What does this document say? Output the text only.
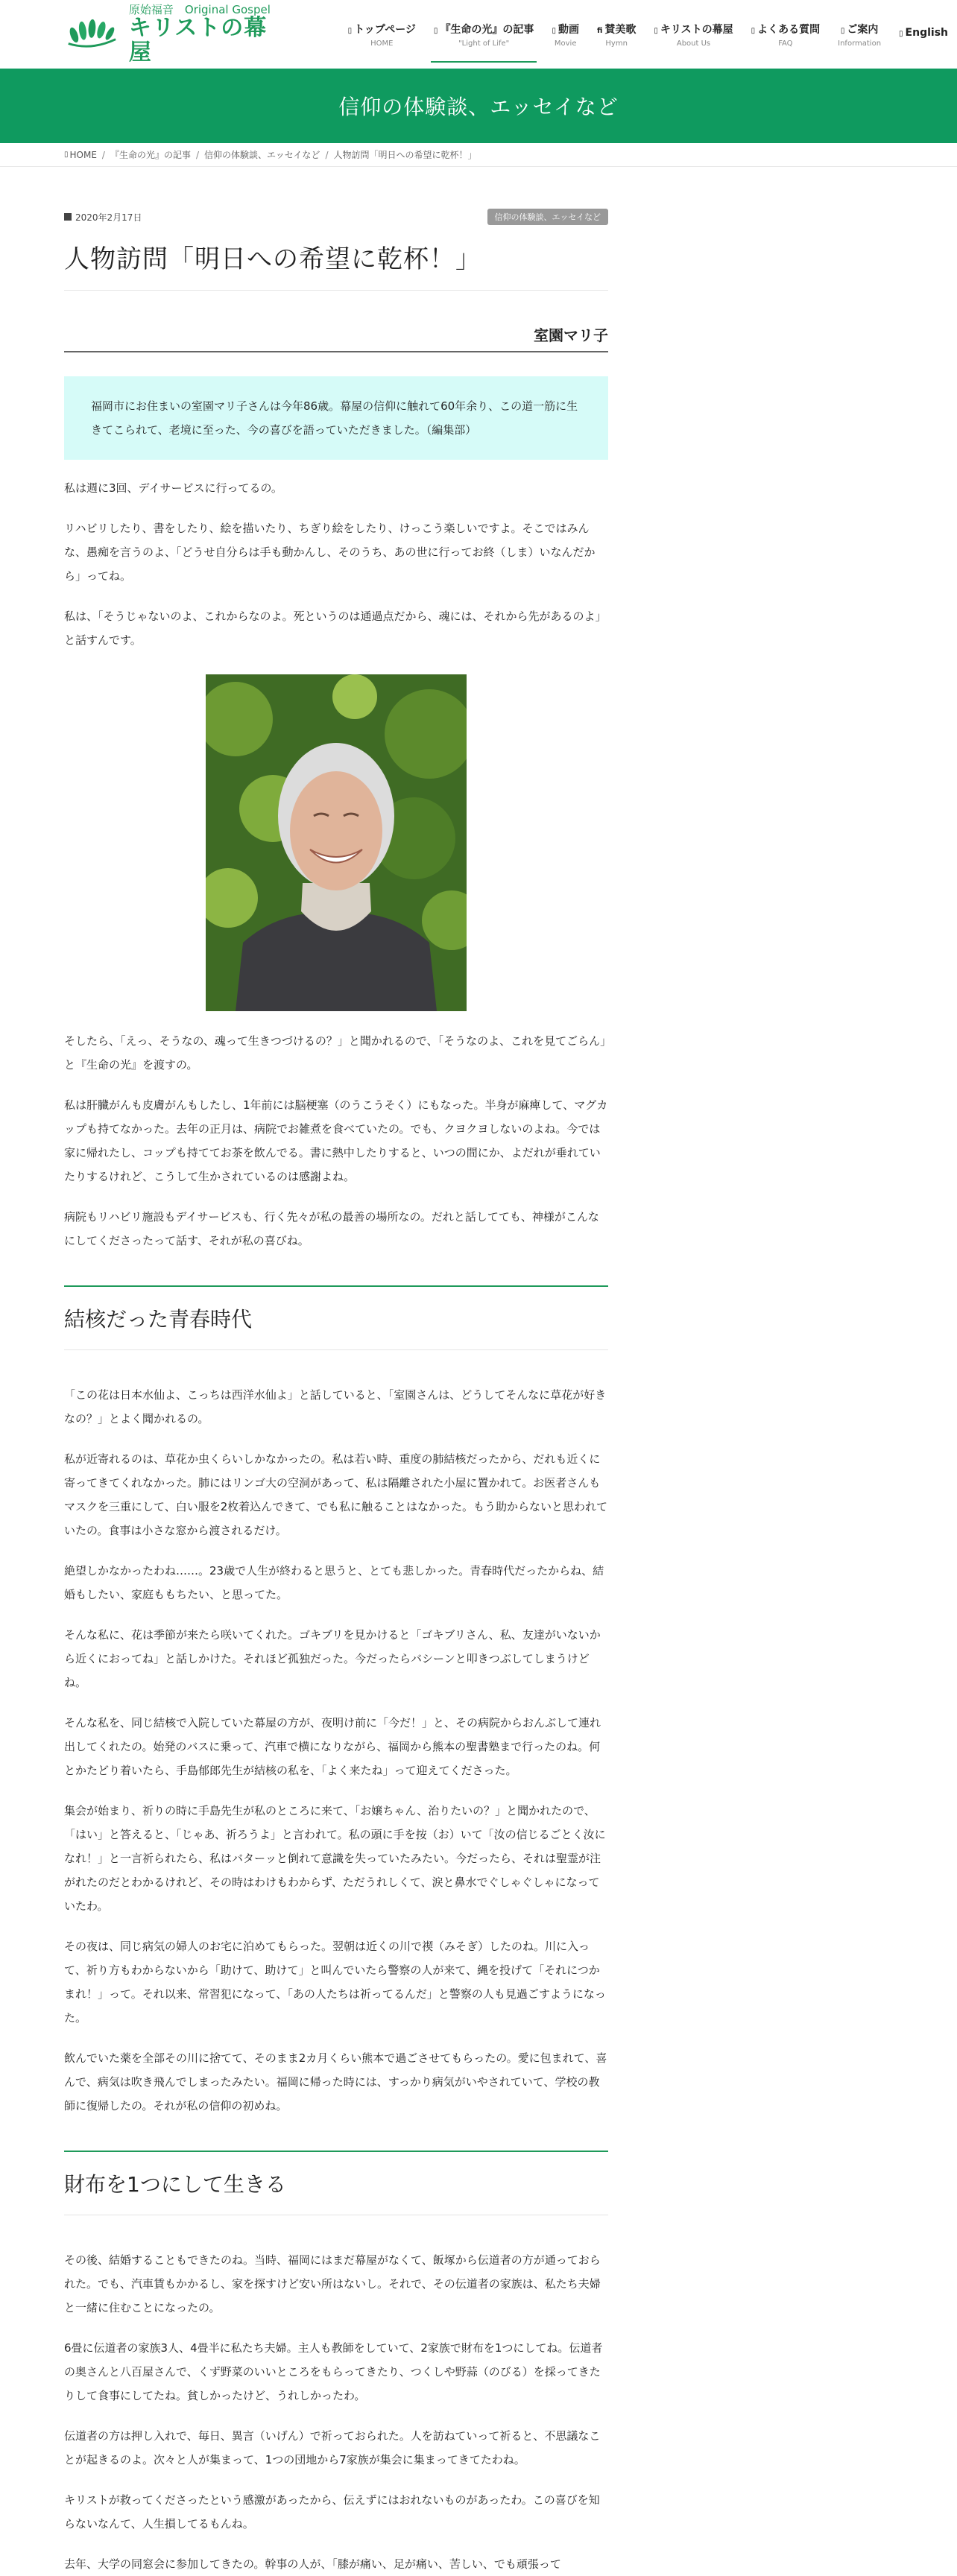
原始福音　Original Gospel
キリストの幕屋
▯ トップページ
HOME
▯ 『生命の光』の記事
"Light of Life"
▯ 動画
Movie
fi 賛美歌
Hymn
▯ キリストの幕屋
About Us
▯ よくある質問
FAQ
▯ ご案内
Information
▯ English
信仰の体験談、エッセイなど
▯ HOME / 『生命の光』の記事 / 信仰の体験談、エッセイなど / 人物訪問「明日への希望に乾杯！」
2020年2月17日	信仰の体験談、エッセイなど
人物訪問「明日への希望に乾杯！」
室園マリ子
福岡市にお住まいの室園マリ子さんは今年86歳。幕屋の信仰に触れて60年余り、この道一筋に生きてこられて、老境に至った、今の喜びを語っていただきました。（編集部）

私は週に3回、デイサービスに行ってるの。

リハビリしたり、書をしたり、絵を描いたり、ちぎり絵をしたり、けっこう楽しいですよ。そこではみんな、愚痴を言うのよ、「どうせ自分らは手も動かんし、そのうち、あの世に行ってお終（しま）いなんだから」ってね。

私は、「そうじゃないのよ、これからなのよ。死というのは通過点だから、魂には、それから先があるのよ」と話すんです。

そしたら、「えっ、そうなの、魂って生きつづけるの？」と聞かれるので、「そうなのよ、これを見てごらん」と『生命の光』を渡すの。

私は肝臓がんも皮膚がんもしたし、1年前には脳梗塞（のうこうそく）にもなった。半身が麻痺して、マグカップも持てなかった。去年の正月は、病院でお雑煮を食べていたの。でも、クヨクヨしないのよね。今では家に帰れたし、コップも持ててお茶を飲んでる。書に熱中したりすると、いつの間にか、よだれが垂れていたりするけれど、こうして生かされているのは感謝よね。

病院もリハビリ施設もデイサービスも、行く先々が私の最善の場所なの。だれと話してても、神様がこんなにしてくださったって話す、それが私の喜びね。

結核だった青春時代

「この花は日本水仙よ、こっちは西洋水仙よ」と話していると、「室園さんは、どうしてそんなに草花が好きなの？」とよく聞かれるの。

私が近寄れるのは、草花か虫くらいしかなかったの。私は若い時、重度の肺結核だったから、だれも近くに寄ってきてくれなかった。肺にはリンゴ大の空洞があって、私は隔離された小屋に置かれて。お医者さんもマスクを三重にして、白い服を2枚着込んできて、でも私に触ることはなかった。もう助からないと思われていたの。食事は小さな窓から渡されるだけ。

絶望しかなかったわね……。23歳で人生が終わると思うと、とても悲しかった。青春時代だったからね、結婚もしたい、家庭ももちたい、と思ってた。

そんな私に、花は季節が来たら咲いてくれた。ゴキブリを見かけると「ゴキブリさん、私、友達がいないから近くにおってね」と話しかけた。それほど孤独だった。今だったらバシーンと叩きつぶしてしまうけどね。

そんな私を、同じ結核で入院していた幕屋の方が、夜明け前に「今だ！」と、その病院からおんぶして連れ出してくれたの。始発のバスに乗って、汽車で横になりながら、福岡から熊本の聖書塾まで行ったのね。何とかたどり着いたら、手島郁郎先生が結核の私を、「よく来たね」って迎えてくださった。

集会が始まり、祈りの時に手島先生が私のところに来て、「お嬢ちゃん、治りたいの？」と聞かれたので、「はい」と答えると、「じゃあ、祈ろうよ」と言われて。私の頭に手を按（お）いて「汝の信じるごとく汝になれ！」と一言祈られたら、私はバターッと倒れて意識を失っていたみたい。今だったら、それは聖霊が注がれたのだとわかるけれど、その時はわけもわからず、ただうれしくて、涙と鼻水でぐしゃぐしゃになっていたわ。

その夜は、同じ病気の婦人のお宅に泊めてもらった。翌朝は近くの川で禊（みそぎ）したのね。川に入って、祈り方もわからないから「助けて、助けて」と叫んでいたら警察の人が来て、縄を投げて「それにつかまれ！」って。それ以来、常習犯になって、「あの人たちは祈ってるんだ」と警察の人も見過ごすようになった。

飲んでいた薬を全部その川に捨てて、そのまま2カ月くらい熊本で過ごさせてもらったの。愛に包まれて、喜んで、病気は吹き飛んでしまったみたい。福岡に帰った時には、すっかり病気がいやされていて、学校の教師に復帰したの。それが私の信仰の初めね。

財布を1つにして生きる

その後、結婚することもできたのね。当時、福岡にはまだ幕屋がなくて、飯塚から伝道者の方が通っておられた。でも、汽車賃もかかるし、家を探すけど安い所はないし。それで、その伝道者の家族は、私たち夫婦と一緒に住むことになったの。

6畳に伝道者の家族3人、4畳半に私たち夫婦。主人も教師をしていて、2家族で財布を1つにしてね。伝道者の奥さんと八百屋さんで、くず野菜のいいところをもらってきたり、つくしや野蒜（のびる）を採ってきたりして食事にしてたね。貧しかったけど、うれしかったわ。

伝道者の方は押し入れで、毎日、異言（いげん）で祈っておられた。人を訪ねていって祈ると、不思議なことが起きるのよ。次々と人が集まって、1つの団地から7家族が集会に集まってきてたわね。

キリストが救ってくださったという感激があったから、伝えずにはおれないものがあったわ。この喜びを知らないなんて、人生損してるもんね。

去年、大学の同窓会に参加してきたの。幹事の人が、「膝が痛い、足が痛い、苦しい、でも頑張って
